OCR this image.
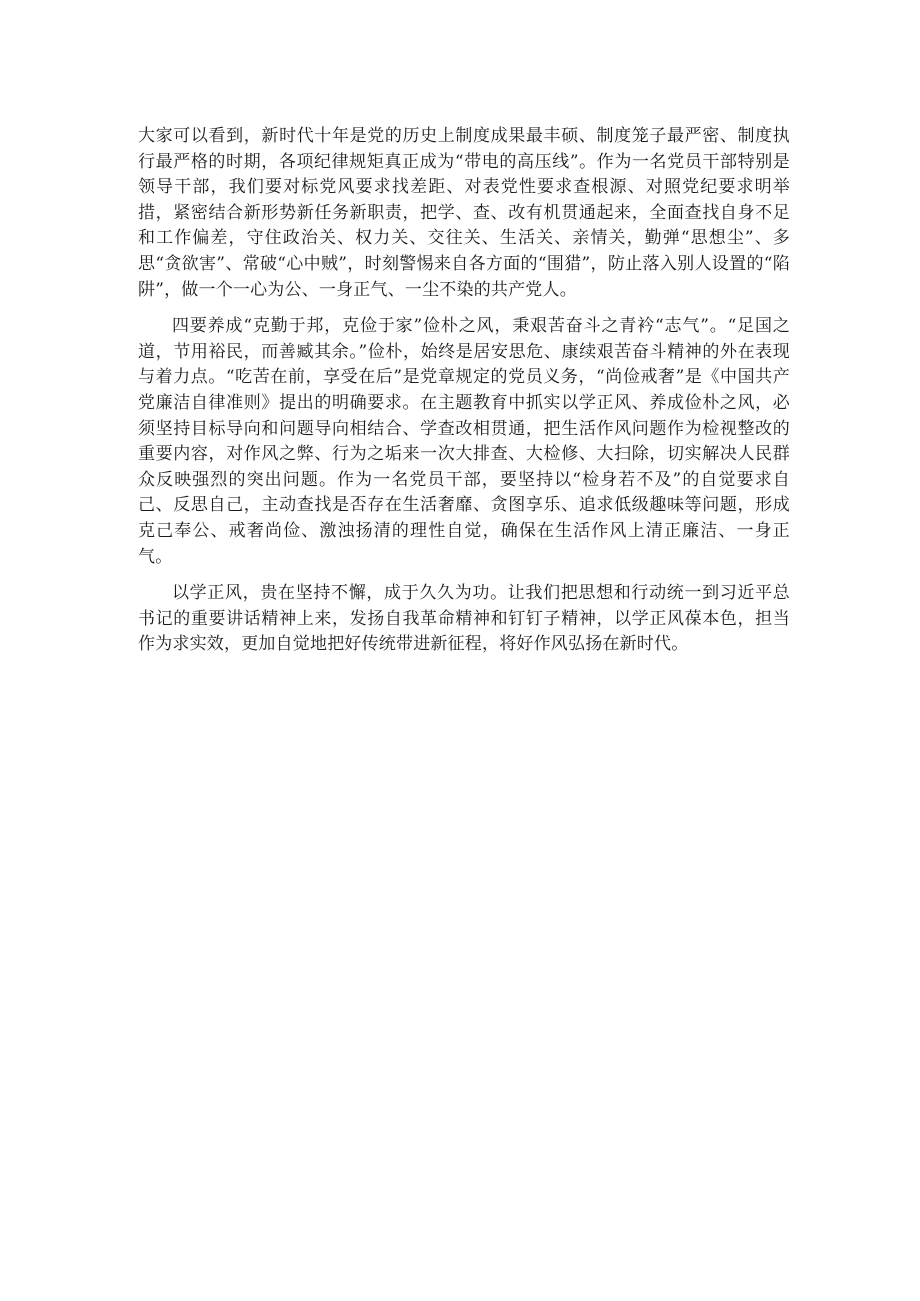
大家可以看到，新时代十年是党的历史上制度成果最丰硕、制度笼子最严密、制度执行最严格的时期，各项纪律规矩真正成为“带电的高压线”。作为一名党员干部特别是领导干部，我们要对标党风要求找差距、对表党性要求查根源、对照党纪要求明举措，紧密结合新形势新任务新职责，把学、查、改有机贯通起来，全面查找自身不足和工作偏差，守住政治关、权力关、交往关、生活关、亲情关，勤弹“思想尘”、多思“贪欲害”、常破“心中贼”，时刻警惕来自各方面的“围猎”，防止落入别人设置的“陷阱”，做一个一心为公、一身正气、一尘不染的共产党人。

四要养成“克勤于邦，克俭于家”俭朴之风，秉艰苦奋斗之青衿“志气”。“足国之道，节用裕民，而善臧其余。”俭朴，始终是居安思危、康续艰苦奋斗精神的外在表现与着力点。“吃苦在前，享受在后”是党章规定的党员义务，“尚俭戒奢”是《中国共产党廉洁自律准则》提出的明确要求。在主题教育中抓实以学正风、养成俭朴之风，必须坚持目标导向和问题导向相结合、学查改相贯通，把生活作风问题作为检视整改的重要内容，对作风之弊、行为之垢来一次大排查、大检修、大扫除，切实解决人民群众反映强烈的突出问题。作为一名党员干部，要坚持以“检身若不及”的自觉要求自己、反思自己，主动查找是否存在生活奢靡、贪图享乐、追求低级趣味等问题，形成克己奉公、戒奢尚俭、激浊扬清的理性自觉，确保在生活作风上清正廉洁、一身正气。

以学正风，贵在坚持不懈，成于久久为功。让我们把思想和行动统一到习近平总书记的重要讲话精神上来，发扬自我革命精神和钉钉子精神，以学正风葆本色，担当作为求实效，更加自觉地把好传统带进新征程，将好作风弘扬在新时代。
